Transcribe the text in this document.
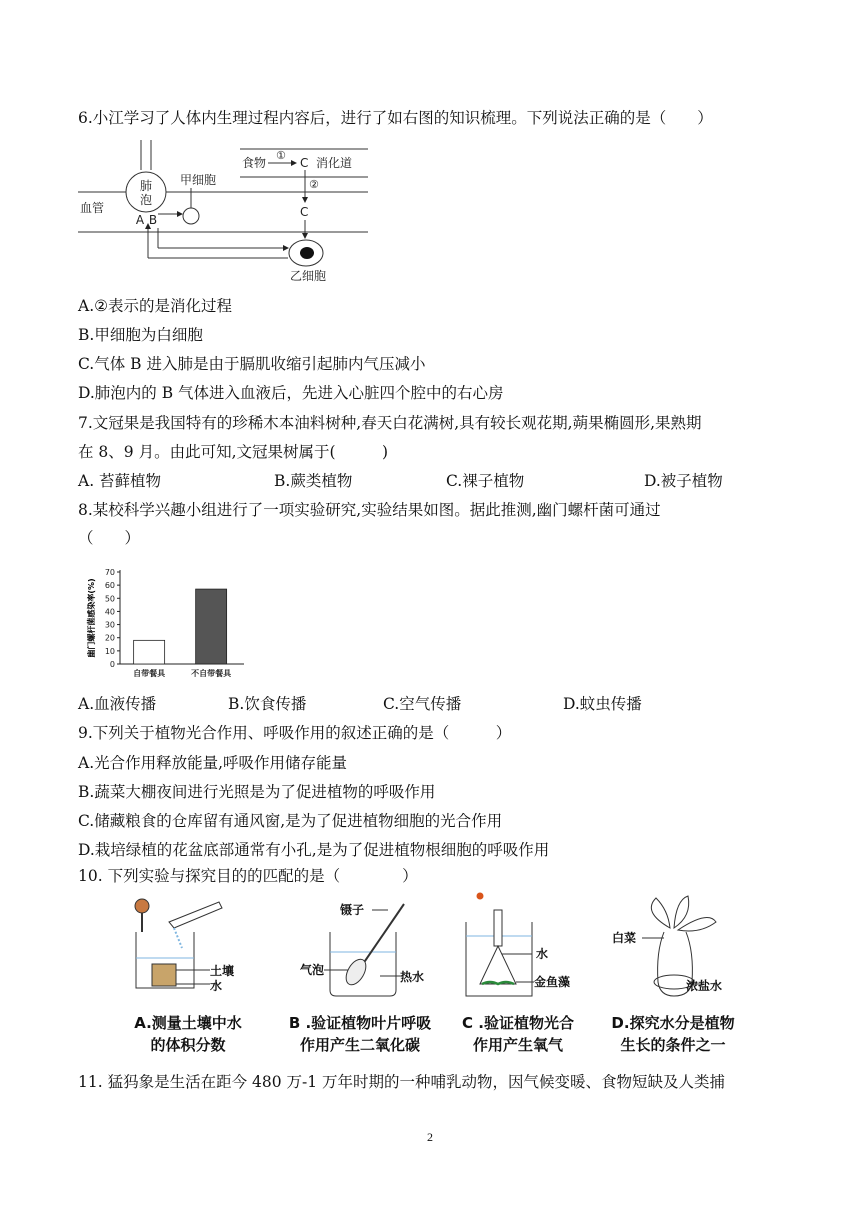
6.小江学习了人体内生理过程内容后，进行了如右图的知识梳理。下列说法正确的是（　　）
血管
肺
泡
A B
甲细胞
乙细胞
食物
①
C 消化道
②
C
A.②表示的是消化过程
B.甲细胞为白细胞
C.气体 B 进入肺是由于膈肌收缩引起肺内气压减小
D.肺泡内的 B 气体进入血液后，先进入心脏四个腔中的右心房
7.文冠果是我国特有的珍稀木本油料树种,春天白花满树,具有较长观花期,蒴果椭圆形,果熟期
在 8、9 月。由此可知,文冠果树属于(　　　)
A. 苔藓植物	B.蕨类植物	C.裸子植物	D.被子植物
8.某校科学兴趣小组进行了一项实验研究,实验结果如图。据此推测,幽门螺杆菌可通过
（　　）
幽门螺杆菌感染率(%)
0
10
20
30
40
50
60
70
自带餐具	不自带餐具
A.血液传播	B.饮食传播	C.空气传播	D.蚊虫传播
9.下列关于植物光合作用、呼吸作用的叙述正确的是（　　　）
A.光合作用释放能量,呼吸作用储存能量
B.蔬菜大棚夜间进行光照是为了促进植物的呼吸作用
C.储藏粮食的仓库留有通风窗,是为了促进植物细胞的光合作用
D.栽培绿植的花盆底部通常有小孔,是为了促进植物根细胞的呼吸作用
10. 下列实验与探究目的的匹配的是（　　　　）
土壤
水
镊子
气泡	热水
水
金鱼藻
白菜
浓盐水
A.测量土壤中水
的体积分数
B .验证植物叶片呼吸
作用产生二氧化碳
C .验证植物光合
作用产生氧气
D.探究水分是植物
生长的条件之一
11. 猛犸象是生活在距今 480 万-1 万年时期的一种哺乳动物，因气候变暖、食物短缺及人类捕
2
